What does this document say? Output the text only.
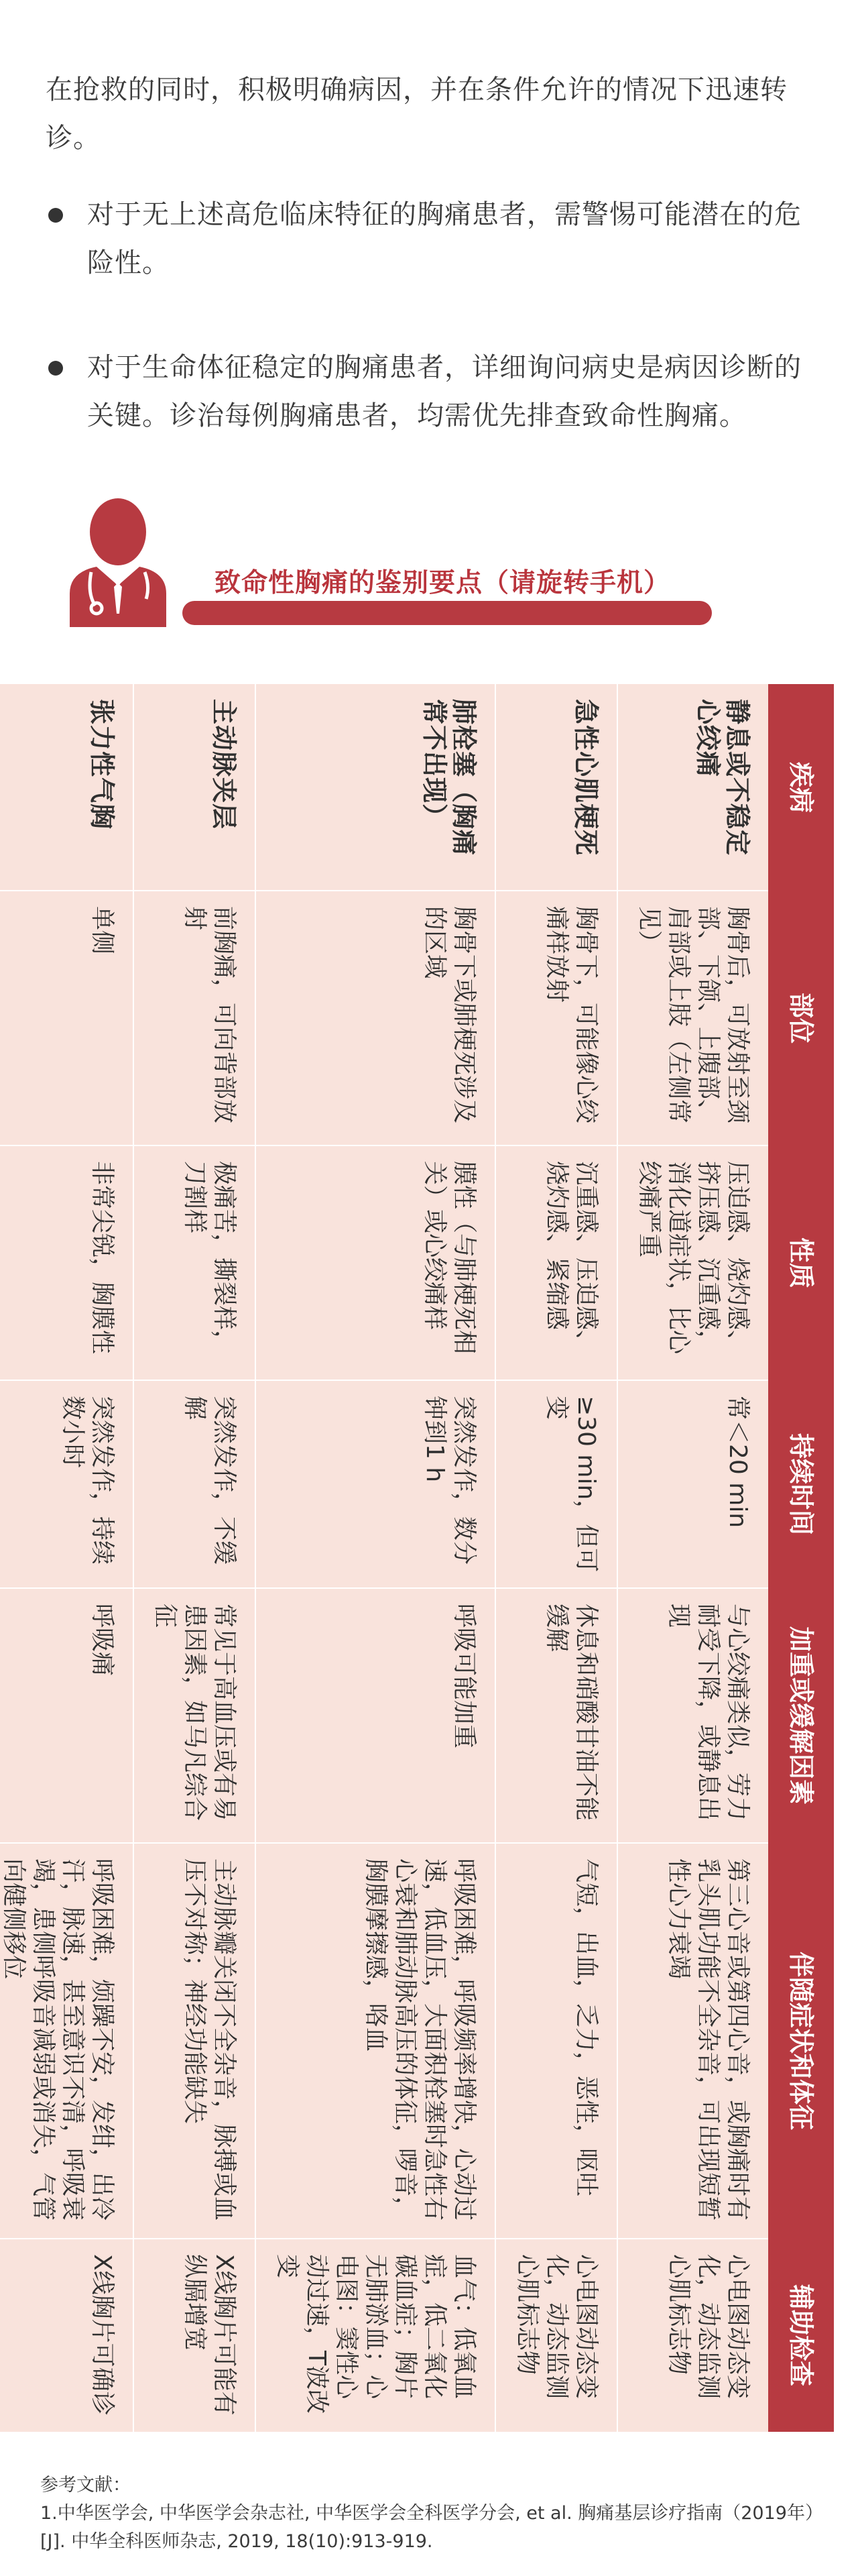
在抢救的同时，积极明确病因，并在条件允许的情况下迅速转诊。

对于无上述高危临床特征的胸痛患者，需警惕可能潜在的危险性。
对于生命体征稳定的胸痛患者，详细询问病史是病因诊断的关键。诊治每例胸痛患者，均需优先排查致命性胸痛。
致命性胸痛的鉴别要点（请旋转手机）
疾病	部位	性质	持续时间	加重或缓解因素	伴随症状和体征	辅助检查
静息或不稳定心绞痛	胸骨后，可放射至颈部、下颌、上腹部、肩部或上肢（左侧常见）	压迫感、烧灼感、挤压感、沉重感，消化道症状，比心绞痛严重	常＜20 min	与心绞痛类似，劳力耐受下降，或静息出现	第三心音或第四心音，或胸痛时有乳头肌功能不全杂音，可出现短暂性心力衰竭	心电图动态变化，动态监测心肌标志物
急性心肌梗死	胸骨下，可能像心绞痛样放射	沉重感、压迫感、烧灼感、紧缩感	≥30 min，但可变	休息和硝酸甘油不能缓解	气短，出血，乏力，恶性，呕吐	心电图动态变化，动态监测心肌标志物
肺栓塞（胸痛常不出现）	胸骨下或肺梗死涉及的区域	膜性（与肺梗死相关）或心绞痛样	突然发作，数分钟到1 h	呼吸可能加重	呼吸困难，呼吸频率增快，心动过速，低血压，大面积栓塞时急性右心衰和肺动脉高压的体征，啰音，胸膜摩擦感，咯血	血气：低氧血症，低二氧化碳血症；胸片无肺淤血；心电图：窦性心动过速，T波改变
主动脉夹层	前胸痛，可向背部放射	极痛苦，撕裂样，刀割样	突然发作，不缓解	常见于高血压或有易患因素，如马凡综合征	主动脉瓣关闭不全杂音，脉搏或血压不对称；神经功能缺失	X线胸片可能有纵膈增宽
张力性气胸	单侧	非常尖锐，胸膜性	突然发作，持续数小时	呼吸痛	呼吸困难，烦躁不安，发绀，出冷汗，脉速，甚至意识不清，呼吸衰竭，患侧呼吸音减弱或消失，气管向健侧移位	X线胸片可确诊
参考文献：
1.中华医学会, 中华医学会杂志社, 中华医学会全科医学分会, et al. 胸痛基层诊疗指南（2019年）[J]. 中华全科医师杂志, 2019, 18(10):913-919.
